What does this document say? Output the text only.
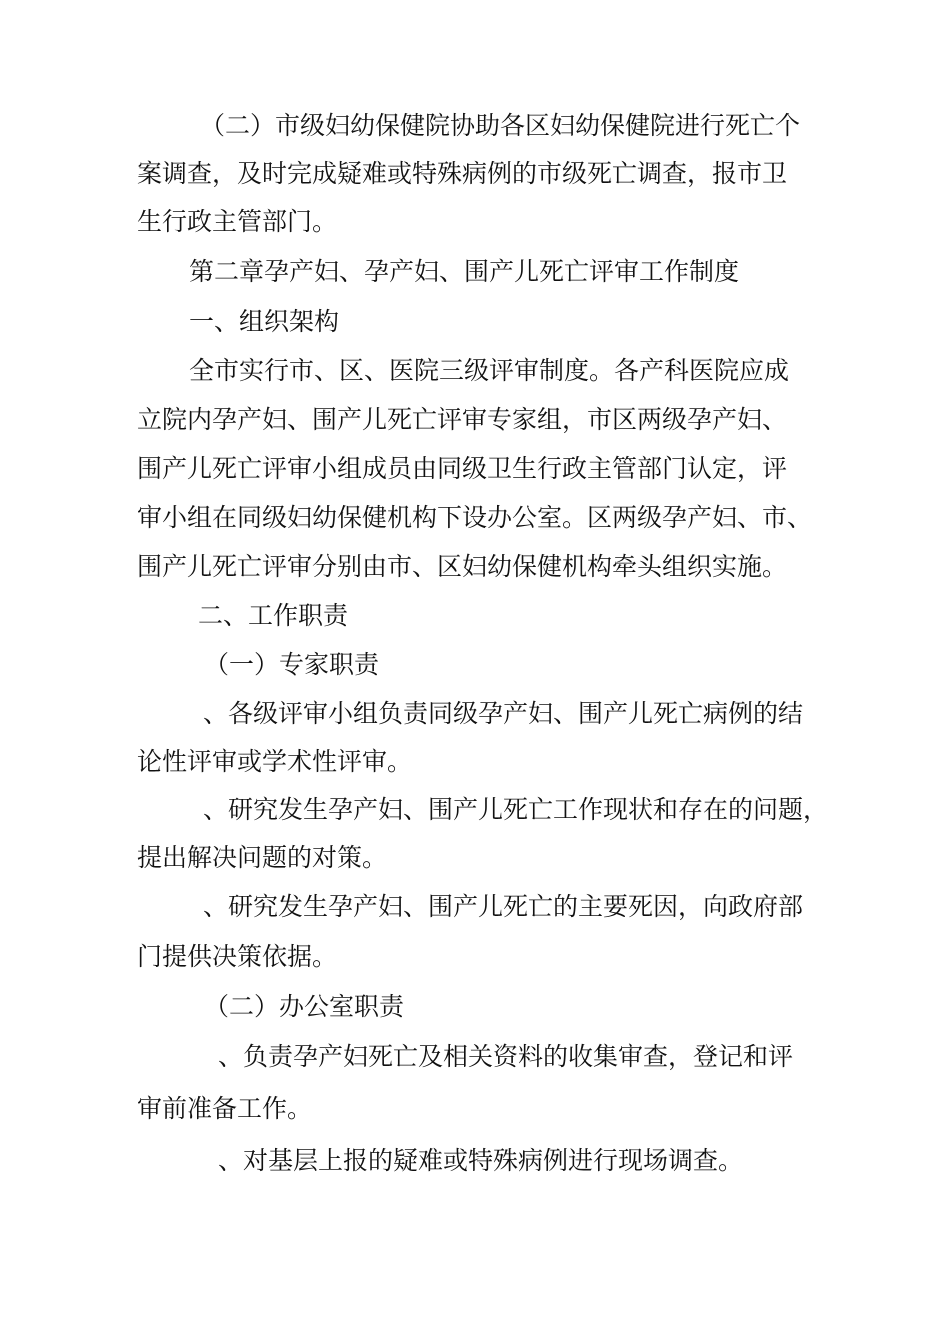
（二）市级妇幼保健院协助各区妇幼保健院进行死亡个
案调查，及时完成疑难或特殊病例的市级死亡调查，报市卫
生行政主管部门。
第二章孕产妇、孕产妇、围产儿死亡评审工作制度
一、组织架构
全市实行市、区、医院三级评审制度。各产科医院应成
立院内孕产妇、围产儿死亡评审专家组，市区两级孕产妇、
围产儿死亡评审小组成员由同级卫生行政主管部门认定，评
审小组在同级妇幼保健机构下设办公室。区两级孕产妇、市、
围产儿死亡评审分别由市、区妇幼保健机构牵头组织实施。
二、工作职责
（一）专家职责
、各级评审小组负责同级孕产妇、围产儿死亡病例的结
论性评审或学术性评审。
、研究发生孕产妇、围产儿死亡工作现状和存在的问题，
提出解决问题的对策。
、研究发生孕产妇、围产儿死亡的主要死因，向政府部
门提供决策依据。
（二）办公室职责
、负责孕产妇死亡及相关资料的收集审查，登记和评
审前准备工作。
、对基层上报的疑难或特殊病例进行现场调查。
